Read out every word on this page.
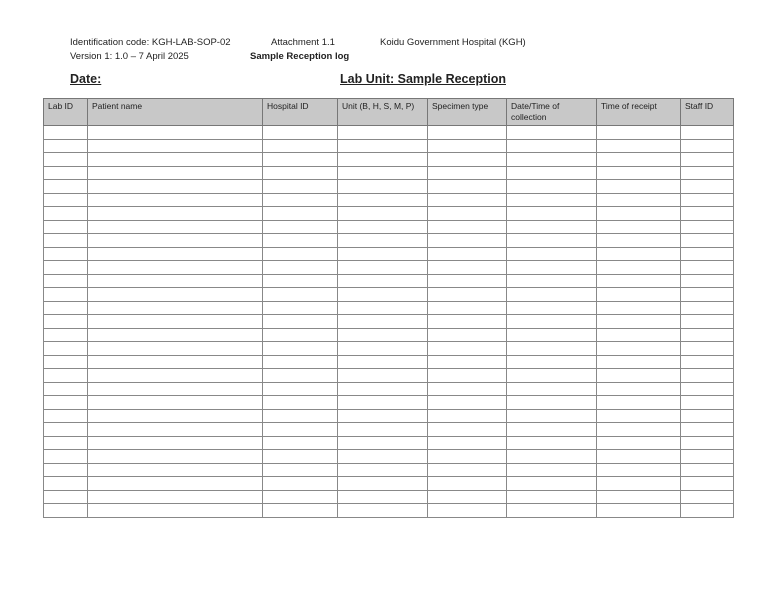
Identification code: KGH-LAB-SOP-02
Version 1: 1.0 – 7 April 2025
Attachment 1.1
Sample Reception log
Koidu Government Hospital (KGH)
Date:	Lab Unit: Sample Reception
Lab ID	Patient name	Hospital ID	Unit (B, H, S, M, P)	Specimen type	Date/Time of collection	Time of receipt	Staff ID
